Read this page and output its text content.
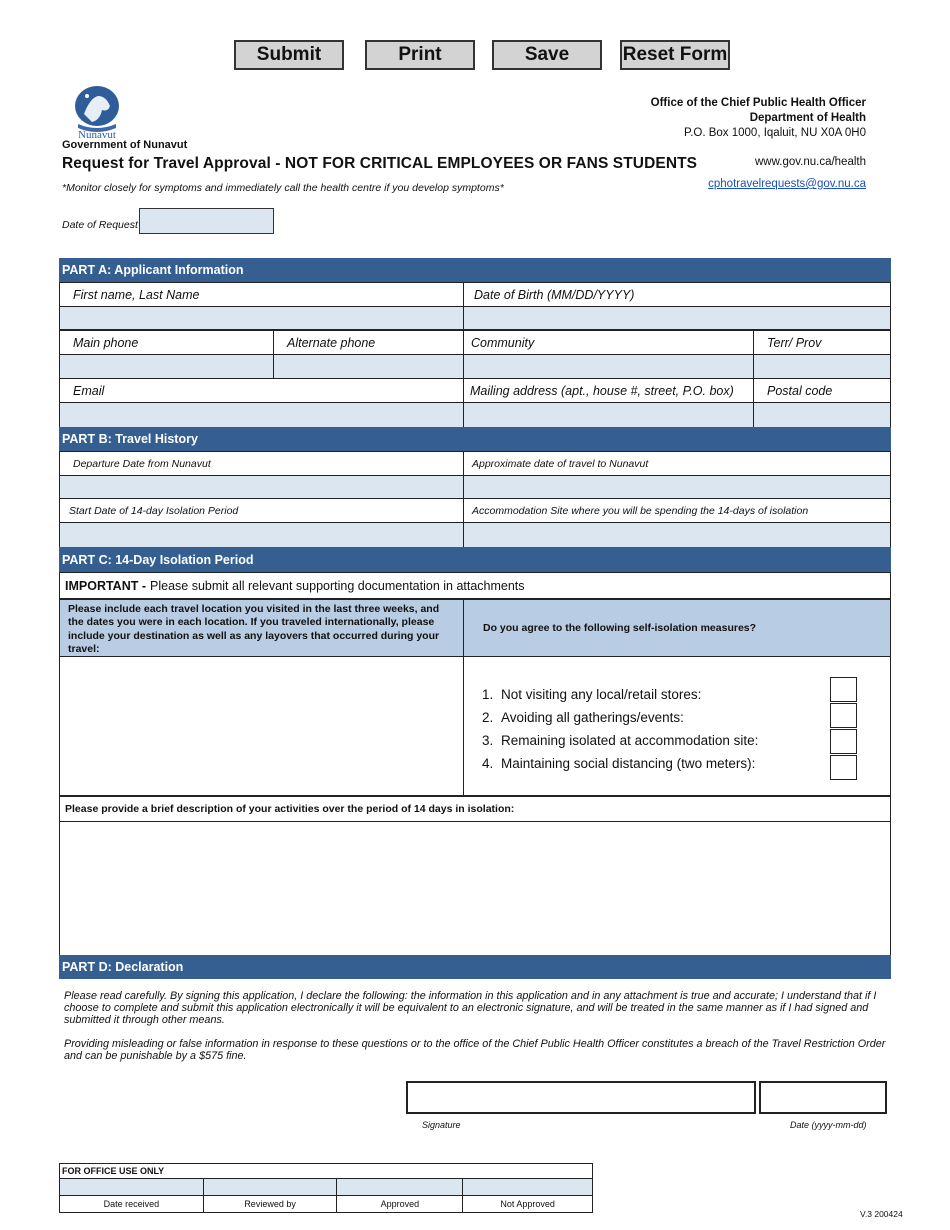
Submit	Print	Save	Reset Form
Nunavut
Government of Nunavut
Request for Travel Approval - NOT FOR CRITICAL EMPLOYEES OR FANS STUDENTS
*Monitor closely for symptoms and immediately call the health centre if you develop symptoms*
Office of the Chief Public Health Officer
Department of Health
P.O. Box 1000, Iqaluit, NU X0A 0H0
www.gov.nu.ca/health
cphotravelrequests@gov.nu.ca
Date of Request
PART A: Applicant Information
First name, Last Name	Date of Birth (MM/DD/YYYY)
Main phone	Alternate phone	Community	Terr/ Prov
Email	Mailing address (apt., house #, street, P.O. box)	Postal code
PART B: Travel History
Departure Date from Nunavut	Approximate date of travel to Nunavut
Start Date of 14-day Isolation Period	Accommodation Site where you will be spending the 14-days of isolation
PART C: 14-Day Isolation Period
IMPORTANT - Please submit all relevant supporting documentation in attachments
Please include each travel location you visited in the last three weeks, and the dates you were in each location. If you traveled internationally, please include your destination as well as any layovers that occurred during your travel:
Do you agree to the following self-isolation measures?
1. Not visiting any local/retail stores:
2. Avoiding all gatherings/events:
3. Remaining isolated at accommodation site:
4. Maintaining social distancing (two meters):
Please provide a brief description of your activities over the period of 14 days in isolation:
PART D: Declaration
Please read carefully. By signing this application, I declare the following: the information in this application and in any attachment is true and accurate; I understand that if I choose to complete and submit this application electronically it will be equivalent to an electronic signature, and will be treated in the same manner as if I had signed and submitted it through other means.
Providing misleading or false information in response to these questions or to the office of the Chief Public Health Officer constitutes a breach of the Travel Restriction Order and can be punishable by a $575 fine.
Signature	Date (yyyy-mm-dd)
FOR OFFICE USE ONLY			

Date received	Reviewed by	Approved	Not Approved
V.3 200424
